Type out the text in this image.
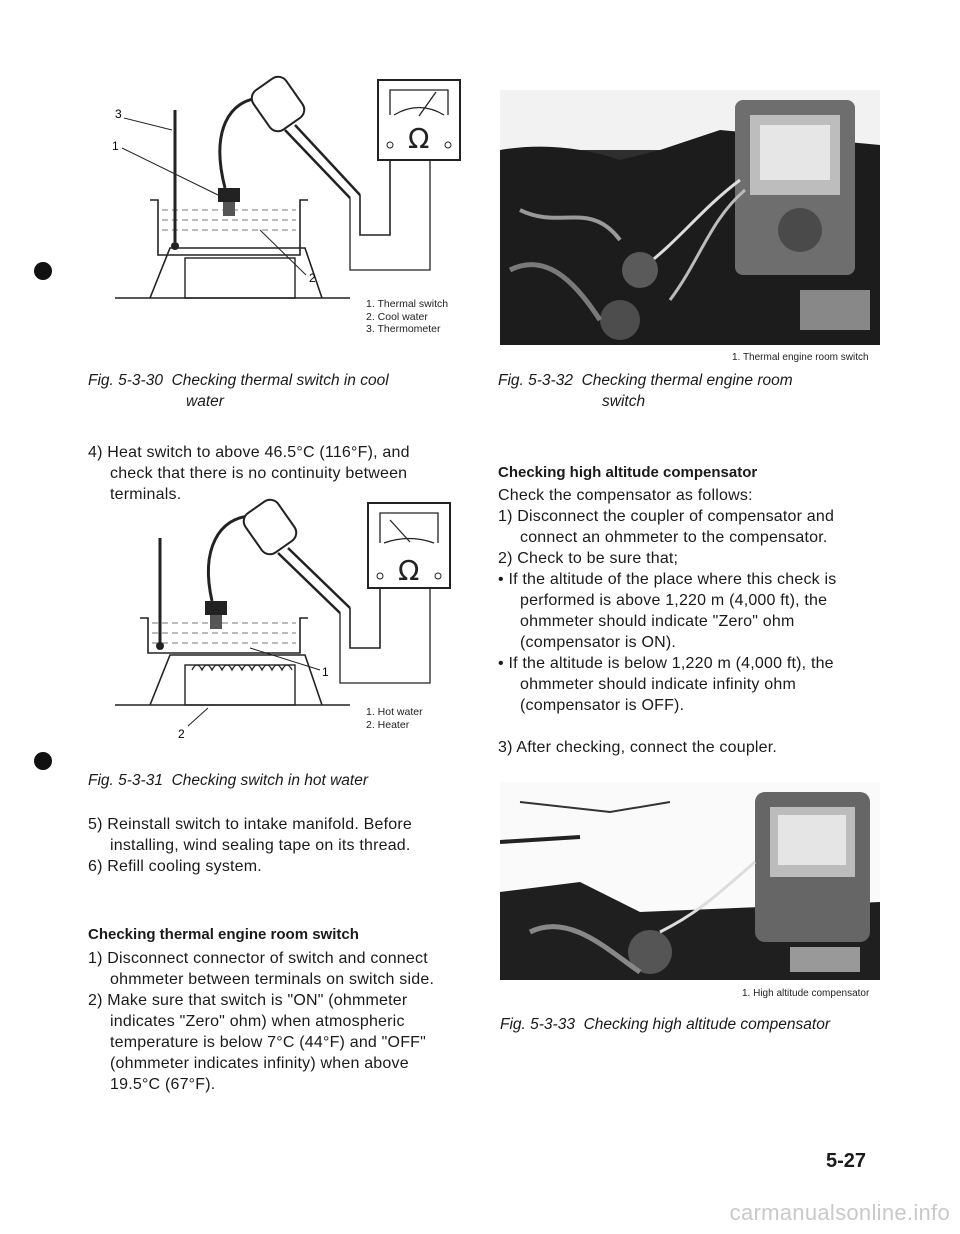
Ω
3
1
2
1. Thermal switch
2. Cool water
3. Thermometer
Fig. 5-3-30 Checking thermal switch in cool
water
4) Heat switch to above 46.5°C (116°F), and
check that there is no continuity between
terminals.
Ω
1
2
1. Hot water
2. Heater
Fig. 5-3-31 Checking switch in hot water
5) Reinstall switch to intake manifold. Before installing, wind sealing tape on its thread.
6) Refill cooling system.
Checking thermal engine room switch
1) Disconnect connector of switch and connect ohmmeter between terminals on switch side.
2) Make sure that switch is "ON" (ohmmeter indicates "Zero" ohm) when atmospheric temperature is below 7°C (44°F) and "OFF" (ohmmeter indicates infinity) when above 19.5°C (67°F).
1. Thermal engine room switch
Fig. 5-3-32 Checking thermal engine room
switch
Checking high altitude compensator
Check the compensator as follows:
1) Disconnect the coupler of compensator and connect an ohmmeter to the compensator.
2) Check to be sure that;
• If the altitude of the place where this check is performed is above 1,220 m (4,000 ft), the ohmmeter should indicate "Zero" ohm (compensator is ON).
• If the altitude is below 1,220 m (4,000 ft), the ohmmeter should indicate infinity ohm (compensator is OFF).
3) After checking, connect the coupler.
1. High altitude compensator
Fig. 5-3-33 Checking high altitude compensator
5-27
carmanualsonline.info
